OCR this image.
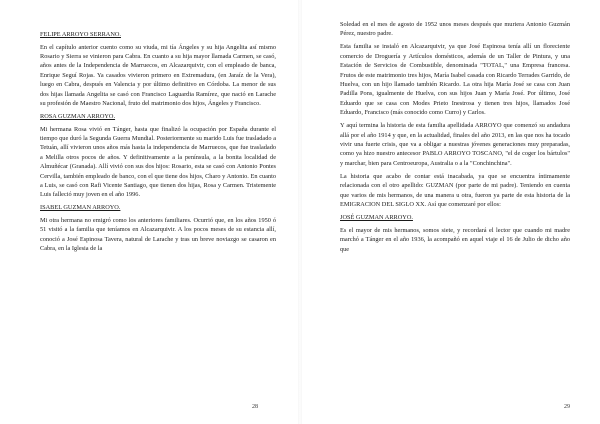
FELIPE ARROYO SERRANO.

En el capítulo anterior cuento como su viuda, mi tía Ángeles y su hija Angelita así mismo Rosario y Sierra se vinieron para Cabra. En cuanto a su hija mayor llamada Carmen, se casó, años antes de la Independencia de Marruecos, en Alcazarquivir, con el empleado de banca, Enrique Seguí Rojas. Ya casados vivieron primero en Extremadura, (en Jaraíz de la Vera), luego en Cabra, después en Valencia y por último definitivo en Córdoba. La menor de sus dos hijas llamada Angelita se casó con Francisco Laguardia Ramírez, que nació en Larache su profesión de Maestro Nacional, fruto del matrimonio dos hijos, Ángeles y Francisco.

ROSA GUZMAN ARROYO.

Mi hermana Rosa vivió en Tánger, hasta que finalizó la ocupación por España durante el tiempo que duró la Segunda Guerra Mundial. Posteriormente su marido Luis fue trasladado a Tetuán, allí vivieron unos años más hasta la independencia de Marruecos, que fue trasladado a Melilla otros pocos de años. Y definitivamente a la península, a la bonita localidad de Almuñécar (Granada). Allí vivió con sus dos hijos: Rosario, esta se casó con Antonio Pontes Cervilla, también empleado de banco, con el que tiene dos hijos, Charo y Antonio. En cuanto a Luis, se casó con Rafi Vicente Santiago, que tienen dos hijas, Rosa y Carmen. Tristemente Luis falleció muy joven en el año 1996.

ISABEL GUZMAN ARROYO.

Mi otra hermana no emigró como los anteriores familiares. Ocurrió que, en los años 1950 ó 51 visitó a la familia que teníamos en Alcazarquivir. A los pocos meses de su estancia allí, conoció a José Espinosa Tavera, natural de Larache y tras un breve noviazgo se casaron en Cabra, en la Iglesia de la

28

Soledad en el mes de agosto de 1952 unos meses después que muriera Antonio Guzmán Pérez, nuestro padre.

Esta familia se instaló en Alcazarquivir, ya que José Espinosa tenía allí un floreciente comercio de Droguería y Artículos domésticos, además de un Taller de Pintura, y una Estación de Servicios de Combustible, denominada "TOTAL," una Empresa francesa. Frutos de este matrimonio tres hijos, María Isabel casada con Ricardo Terrades Garrido, de Huelva, con un hijo llamado también Ricardo. La otra hija María José se casa con Juan Padilla Pons, igualmente de Huelva, con sus hijos Juan y María José. Por último, José Eduardo que se casa con Modes Prieto Inestrosa y tienen tres hijos, llamados José Eduardo, Francisco (más conocido como Curro) y Carlos.

Y aquí termina la historia de esta familia apellidada ARROYO que comenzó su andadura allá por el año 1914 y que, en la actualidad, finales del año 2013, en las que nos ha tocado vivir una fuerte crisis, que va a obligar a nuestras jóvenes generaciones muy preparadas, como ya hizo nuestro antecesor PABLO ARROYO TOSCANO, "el de coger los bártulos" y marchar, bien para Centroeuropa, Australia o a la "Conchinchina".

La historia que acabo de contar está inacabada, ya que se encuentra íntimamente relacionada con el otro apellido: GUZMAN (por parte de mi padre). Teniendo en cuenta que varios de mis hermanos, de una manera u otra, fueron ya parte de esta historia de la EMIGRACION DEL SIGLO XX. Así que comenzaré por ellos:

JOSÉ GUZMAN ARROYO.

Es el mayor de mis hermanos, somos siete, y recordará el lector que cuando mi madre marchó a Tánger en el año 1936, la acompañó en aquel viaje el 16 de Julio de dicho año que

29
